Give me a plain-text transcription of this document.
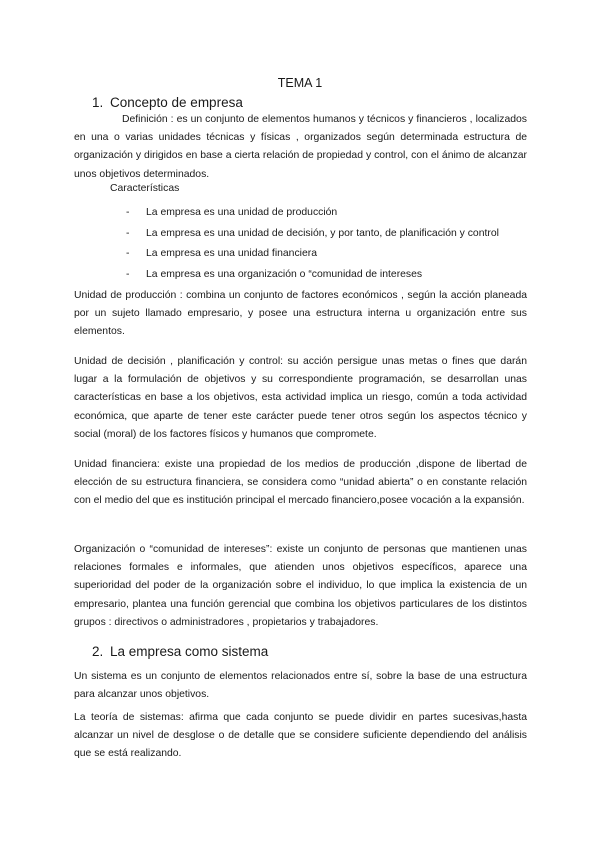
TEMA 1
1. Concepto de empresa
Definición : es un conjunto de elementos humanos y técnicos y financieros , localizados en una o varias unidades técnicas y físicas , organizados según determinada estructura de organización y dirigidos en base a cierta relación de propiedad y control, con el ánimo de alcanzar unos objetivos determinados.
Características
- La empresa es una unidad de producción
- La empresa es una unidad de decisión, y por tanto, de planificación y control
- La empresa es una unidad financiera
- La empresa es una organización o “comunidad de intereses
Unidad de producción : combina un conjunto de factores económicos , según la acción planeada por un sujeto llamado empresario, y posee una estructura interna u organización entre sus elementos.
Unidad de decisión , planificación y control: su acción persigue unas metas o fines que darán lugar a la formulación de objetivos y su correspondiente programación, se desarrollan unas características en base a los objetivos, esta actividad implica un riesgo, común a toda actividad económica, que aparte de tener este carácter puede tener otros según los aspectos técnico y social (moral) de los factores físicos y humanos que compromete.
Unidad financiera: existe una propiedad de los medios de producción ,dispone de libertad de elección de su estructura financiera, se considera como “unidad abierta” o en constante relación con el medio del que es institución principal el mercado financiero,posee vocación a la expansión.
Organización o “comunidad de intereses”: existe un conjunto de personas que mantienen unas relaciones formales e informales, que atienden unos objetivos específicos, aparece una superioridad del poder de la organización sobre el individuo, lo que implica la existencia de un empresario, plantea una función gerencial que combina los objetivos particulares de los distintos grupos : directivos o administradores , propietarios y trabajadores.
2. La empresa como sistema
Un sistema es un conjunto de elementos relacionados entre sí, sobre la base de una estructura para alcanzar unos objetivos.
La teoría de sistemas: afirma que cada conjunto se puede dividir en partes sucesivas,hasta alcanzar un nivel de desglose o de detalle que se considere suficiente dependiendo del análisis que se está realizando.
